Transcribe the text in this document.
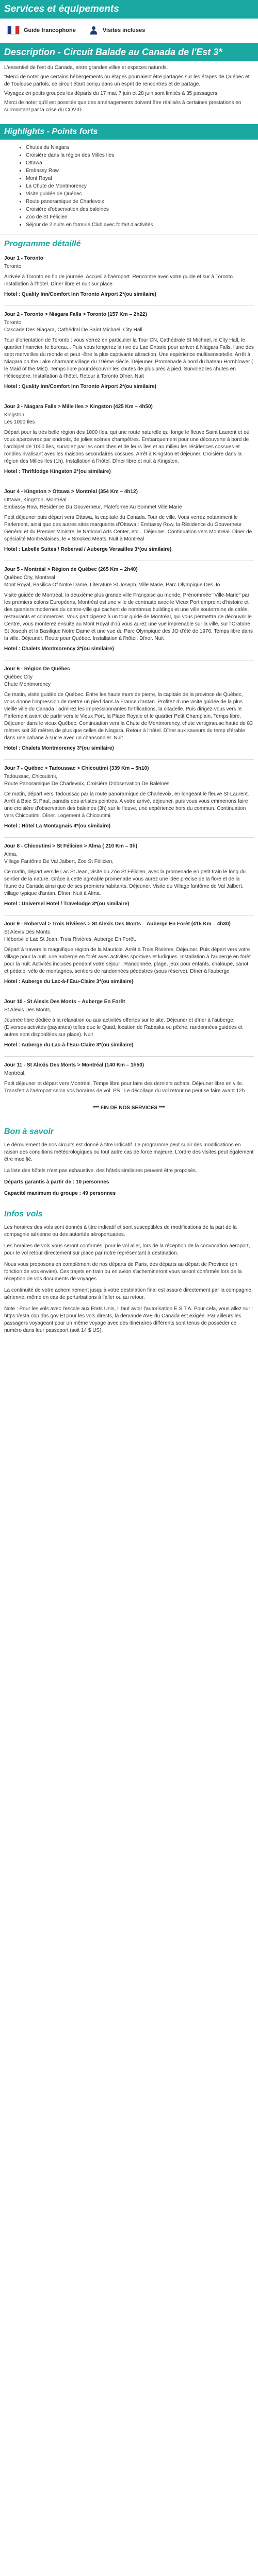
Services et équipements
Guide francophone	Visites incluses
Description - Circuit Balade au Canada de l'Est 3*

L'essentiel de l'est du Canada, entre grandes villes et espaces naturels.

"Merci de noter que certains hébergements ou étapes pourraient être partagés sur les étapes de Québec et de Toulouse parfois, ce circuit étant conçu dans un esprit de rencontres et de partage.

Voyagez en petits groupes les départs du 17 mai, 7 juin et 28 juin sont limités à 35 passagers.

Merci de noter qu'il est possible que des aménagements doivent être réalisés à certaines prestations en surmontant par la crise du COVID.

Highlights - Points forts
• Chutes du Niagara
• Croisière dans la région des Milles Iles
• Ottawa
• Embassy Row
• Mont Royal
• La Chute de Montmorency
• Visite guidée de Québec
• Route panoramique de Charlevoix
• Croisière d'observation des baleines
• Zoo de St Félicien
• Séjour de 2 nuits en formule Club avec forfait d'activités
Programme détaillé
Jour 1 - Toronto
Toronto
Arrivée à Toronto en fin de journée. Accueil à l'aéroport. Rencontre avec votre guide et sur à Toronto. Installation à l'hôtel. Dîner libre et nuit sur place.
Hotel : Quality Inn/Comfort Inn Toronto Airport 2*(ou similaire)
Jour 2 - Toronto > Niagara Falls > Toronto (157 Km – 2h22)
Toronto
Cascade Des Niagara, Cathédral De Saint Michael, City Hall
Tour d'orientation de Toronto : vous verrez en particulier la Tour CN, Cathédrale St Michael, le City Hall, le quartier financier, le bureau... Puis vous longerez la rive du Lac Ontario pour arriver à Niagara Falls, l'une des sept merveilles du monde et peut -être la plus captivante attraction. Une expérience multisensorielle. Arrêt à Niagara on the Lake charmant village du 19ème siècle. Déjeuner. Promenade à bord du bateau Hornblower ( le Maid of the Mist). Temps libre pour découvrir les chutes de plus près à pied. Survolez les chutes en Hélicoptère. Installation à l'hôtel. Retour à Toronto Dîner. Nuit
Hotel : Quality Inn/Comfort Inn Toronto Airport 2*(ou similaire)
Jour 3 - Niagara Falls > Mille Iles > Kingston (425 Km – 4h50)
Kingston
Les 1000 Iles
Départ pour la très belle région des 1000 Iles, qui une route naturelle qui longe le fleuve Saint Laurent et où vous apercevrez par endroits, de jolies scènes champêtres. Embarquement pour une découverte à bord de l'archipel de 1000 îles, survolez par les corniches et de leurs îles et au milieu les résidences cossues et rondins rivalisant avec les maisons secondaires cossues. Arrêt à Kingston et déjeuner. Croisière dans la région des Milles Iles (1h). Installation à l'hôtel. Dîner libre et nuit à Kingston.
Hotel : Thriftlodge Kingston 2*(ou similaire)
Jour 4 - Kingston > Ottawa > Montréal (354 Km – 4h12)
Ottawa, Kingston, Montréal
Embassy Row, Résidence Du Gouverneur, Plateforme Au Sommet Ville Marie
Petit déjeuner puis départ vers Ottawa, la capitale du Canada. Tour de ville. Vous verrez notamment le Parlement, ainsi que des autres sites marquants d'Ottawa : Embassy Row, la Résidence du Gouverneur Général et du Premier Ministre, le National Arts Center, etc... Déjeuner. Continuation vers Montréal. Dîner de spécialité Montréalaises, le « Smoked Meats. Nuit à Montréal
Hotel : Labelle Suites / Roberval / Auberge Versailles 3*(ou similaire)
Jour 5 - Montréal > Région de Québec (265 Km – 2h40)
Québec City, Montreal
Mont Royal, Basilica Of Notre Dame, Literature St Joseph, Ville Marie, Parc Olympique Des Jo
Visite guidée de Montréal, la deuxième plus grande ville Française au monde. Prénommée "Ville-Marie" par les premiers colons Européens, Montréal est une ville de contraste avec le Vieux Port empreint d'histoire et des quartiers modernes du centre-ville qui cachent de nombreux buildings et une ville souterraine de cafés, restaurants et commerces. Vous participerez à un tour guidé de Montréal, qui vous permettra de découvrir le Centre, vous monterez ensuite au Mont Royal d'où vous aurez une vue imprenable sur la ville, sur l'Oratoire St Joseph et la Basilique Notre Dame et une vue du Parc Olympique des JO d'été de 1976. Temps libre dans la ville. Déjeuner. Route pour Québec. Installation à l'hôtel. Dîner. Nuit
Hotel : Chalets Montmorency 3*(ou similaire)
Jour 6 - Région De Québec
Québec City
Chute Montmorency
Ce matin, visite guidée de Québec. Entre les hauts murs de pierre, la capitale de la province de Québec, vous donne l'impression de mettre un pied dans la France d'antan. Profitez d'une visite guidée de la plus vieille ville du Canada : admirez les impressionnantes fortifications, la citadelle. Puis dirigez-vous vers le Parlement avant de partir vers le Vieux Port, la Place Royale et le quartier Petit Champlain. Temps libre. Déjeuner dans le vieux Québec. Continuation vers la Chute de Montmorency, chute vertigineuse haute de 83 mètres soit 30 mètres de plus que celles de Niagara. Retour à l'hôtel. Dîner aux saveurs du temp d'érable dans une cabane à sucre avec un chansonnier. Nuit
Hotel : Chalets Montmorency 3*(ou similaire)
Jour 7 - Québec > Tadoussac > Chicoutimi (339 Km – 5h10)
Tadoussac, Chicoutimi,
Route Panoramique De Charlevoix, Croisière D'observation De Baleines
Ce matin, départ vers Tadoussac par la route panoramique de Charlevoix, en longeant le fleuve St-Laurent. Arrêt à Baie St Paul, paradis des artistes peintres. A votre arrivé, déjeuner, puis vous vous emmenons faire une croisière d'observation des baleines (3h) sur le fleuve, une expérience hors du commun. Continuation vers Chicoutimi. Dîner. Logement à Chicoutimi.
Hotel : Hôtel La Montagnais 4*(ou similaire)
Jour 8 - Chicoutimi > St Félicien > Alma ( 210 Km – 3h)
Alma,
Village Fantôme De Val Jalbert, Zoo St Félicien,
Ce matin, départ vers le Lac St Jean, visite du Zoo St Félicien, avec la promenade en petit train le long du sentier de la nature. Grâce à cette agréable promenade vous aurez une idée précise de la flore et de la faune du Canada ainsi que de ses premiers habitants. Déjeuner. Visite du Village fantôme de Val Jalbert, village typique d'antan. Dîner. Nuit à Alma.
Hotel : Universel Hotel / Travelodge 3*(ou similaire)
Jour 9 - Roberval > Trois Rivières > St Alexis Des Monts – Auberge En Forêt (415 Km – 4h30)
St Alexis Des Monts
Hébertville Lac St Jean, Trois Rivières, Auberge En Forêt,
Départ à travers le magnifique région de la Mauricie. Arrêt à Trois Rivières. Déjeuner. Puis départ vers votre village pour la nuit. une auberge en forêt avec activités sportives et ludiques. Installation à l'auberge en forêt pour la nuit. Activités incluses pendant votre séjour : Randonnée, plage, jeux pour enfants, chaloupe, canot et pédalo, vélo de montagnes, sentiers de randonnées pédestres (sous réserve). Dîner à l'auberge
Hotel : Auberge du Lac-à-l'Eau-Claire 3*(ou similaire)
Jour 10 - St Alexis Des Monts – Auberge En Forêt
St Alexis Des Monts,
Journée libre dédiée à la relaxation ou aux activités offertes sur le site. Déjeuner et dîner à l'auberge. (Diverses activités (payantes) telles que le Quad, location de Rabaska ou pêche, randonnées guidées et autres sont disponibles sur place). Nuit
Hotel : Auberge du Lac-à-l'Eau-Claire 3*(ou similaire)
Jour 11 - St Alexis Des Monts > Montréal (140 Km – 1h50)
Montréal,
Petit déjeuner et départ vers Montréal. Temps libre pour faire des derniers achats. Déjeuner libre en ville. Transfert à l'aéroport selon vos horaires de vol. PS : Le décollage du vol retour ne peut se faire avant 12h.
*** FIN DE NOS SERVICES ***
Bon à savoir

Le déroulement de nos circuits est donné à titre indicatif. Le programme peut subir des modifications en raison des conditions météorologiques ou tout autre cas de force majeure. L'ordre des visites peut également être modifié.

La liste des hôtels n'est pas exhaustive, des hôtels similaires peuvent être proposés.

Départs garantis à partir de : 10 personnes

Capacité maximum du groupe : 49 personnes

Infos vols

Les horaires des vols sont donnés à titre indicatif et sont susceptibles de modifications de la part de la compagnie aérienne ou des autorités aéroportuaires.

Les horaires de vols vous seront confirmés, pour le vol aller, lors de la réception de la convocation aéroport, pour le vol retour directement sur place par notre représentant à destination.

Nous vous proposons en complément de nos départs de Paris, des départs au départ de Province (en fonction de vos envies). Ces trajets en train ou en avion s'achemineront vous seront confirmés lors de la réception de vos documents de voyages.

La continuité de votre acheminement jusqu'à votre destination final est assuré directement par la compagnie aérienne, même en cas de perturbations à l'aller ou au retour.

Note : Pour les vols avec l'escale aux Etats Unis, il faut avoir l'autorisation E.S.T.A. Pour cela, vous allez sur : https://esta.cbp.dhs.gov Et pour les vols directs, la demande AVE du Canada est exigée. Par ailleurs les passagers voyageant pour un même voyage avec des itinéraires différents sont tenus de posséder ce numéro dans leur passeport (soit 14 $ US).
